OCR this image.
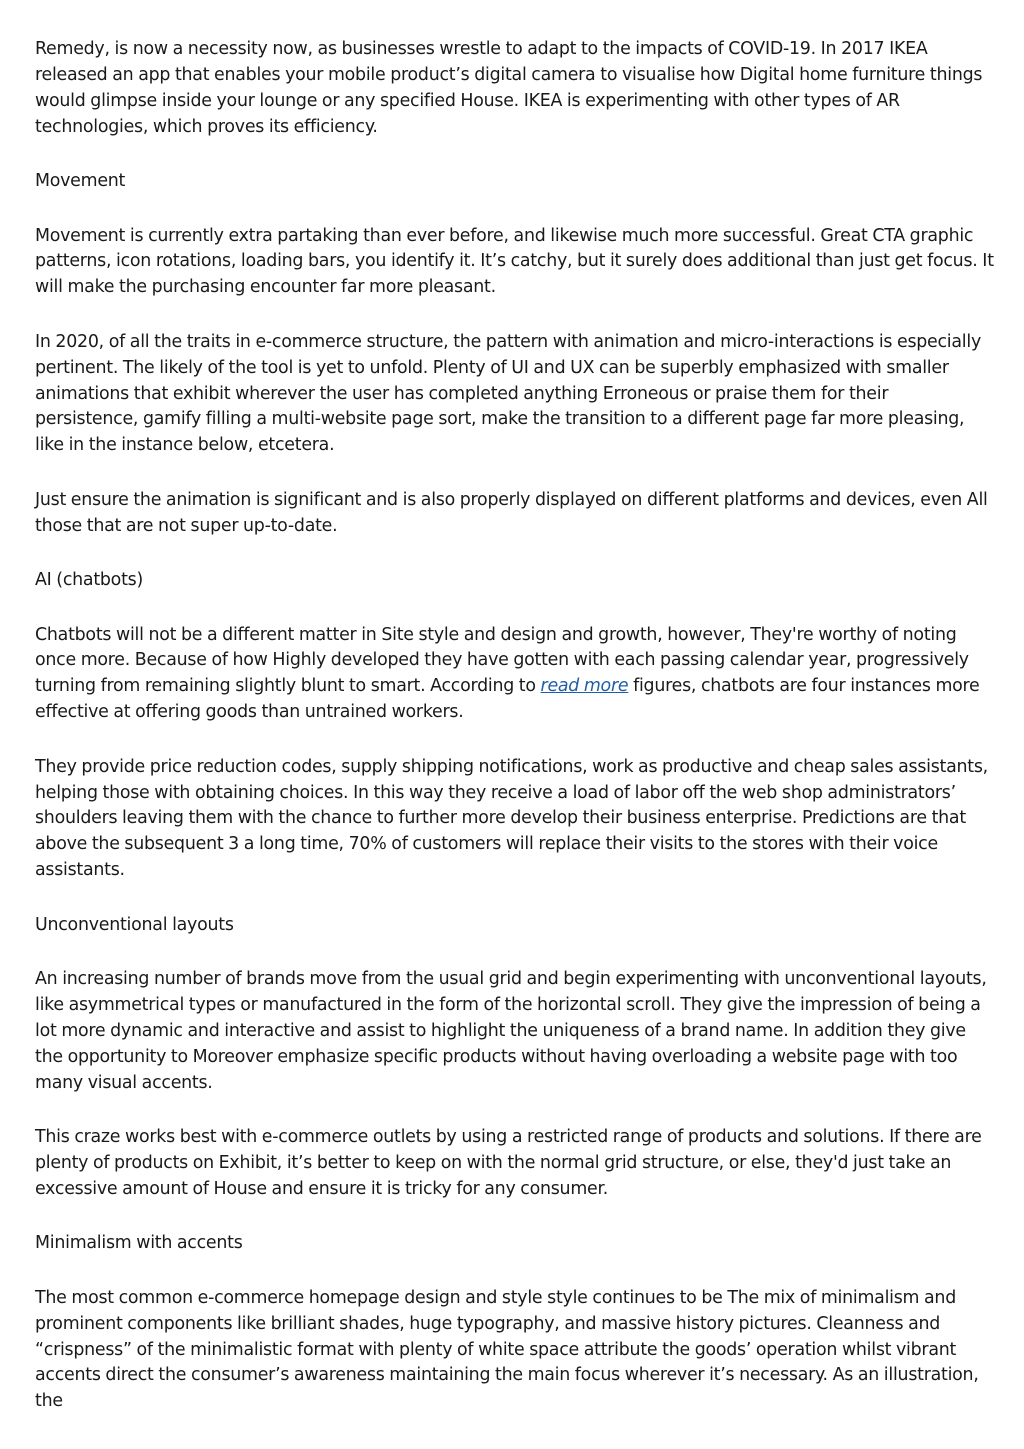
Remedy, is now a necessity now, as businesses wrestle to adapt to the impacts of COVID-19. In 2017 IKEA released an app that enables your mobile product’s digital camera to visualise how Digital home furniture things would glimpse inside your lounge or any specified House. IKEA is experimenting with other types of AR technologies, which proves its efficiency.

Movement

Movement is currently extra partaking than ever before, and likewise much more successful. Great CTA graphic patterns, icon rotations, loading bars, you identify it. It’s catchy, but it surely does additional than just get focus. It will make the purchasing encounter far more pleasant.

In 2020, of all the traits in e-commerce structure, the pattern with animation and micro-interactions is especially pertinent. The likely of the tool is yet to unfold. Plenty of UI and UX can be superbly emphasized with smaller animations that exhibit wherever the user has completed anything Erroneous or praise them for their persistence, gamify filling a multi-website page sort, make the transition to a different page far more pleasing, like in the instance below, etcetera.

Just ensure the animation is significant and is also properly displayed on different platforms and devices, even All those that are not super up-to-date.

AI (chatbots)

Chatbots will not be a different matter in Site style and design and growth, however, They're worthy of noting once more. Because of how Highly developed they have gotten with each passing calendar year, progressively turning from remaining slightly blunt to smart. According to read more figures, chatbots are four instances more effective at offering goods than untrained workers.

They provide price reduction codes, supply shipping notifications, work as productive and cheap sales assistants, helping those with obtaining choices. In this way they receive a load of labor off the web shop administrators’ shoulders leaving them with the chance to further more develop their business enterprise. Predictions are that above the subsequent 3 a long time, 70% of customers will replace their visits to the stores with their voice assistants.

Unconventional layouts

An increasing number of brands move from the usual grid and begin experimenting with unconventional layouts, like asymmetrical types or manufactured in the form of the horizontal scroll. They give the impression of being a lot more dynamic and interactive and assist to highlight the uniqueness of a brand name. In addition they give the opportunity to Moreover emphasize specific products without having overloading a website page with too many visual accents.

This craze works best with e-commerce outlets by using a restricted range of products and solutions. If there are plenty of products on Exhibit, it’s better to keep on with the normal grid structure, or else, they'd just take an excessive amount of House and ensure it is tricky for any consumer.

Minimalism with accents

The most common e-commerce homepage design and style style continues to be The mix of minimalism and prominent components like brilliant shades, huge typography, and massive history pictures. Cleanness and “crispness” of the minimalistic format with plenty of white space attribute the goods’ operation whilst vibrant accents direct the consumer’s awareness maintaining the main focus wherever it’s necessary. As an illustration, the
